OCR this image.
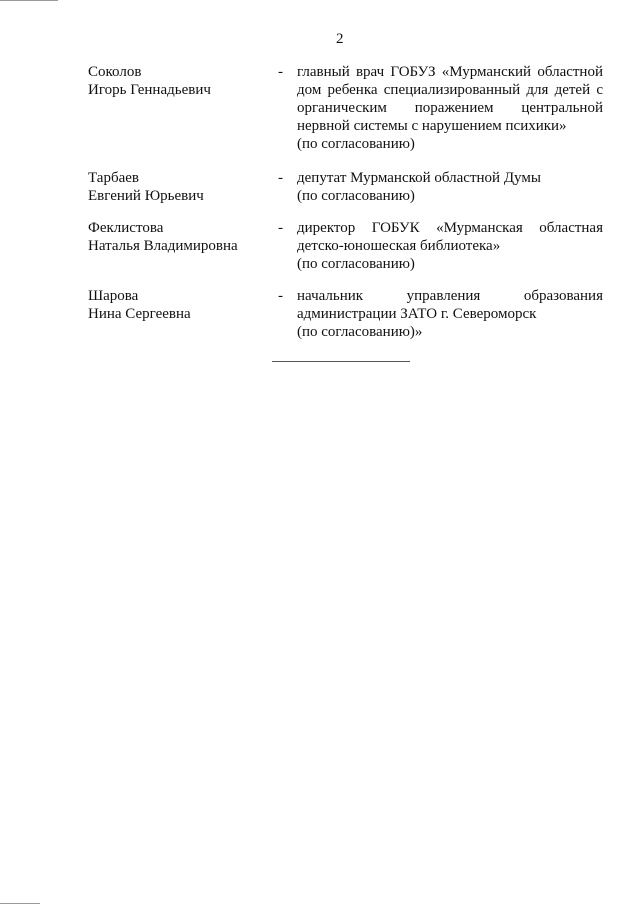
2
Соколов
Игорь Геннадьевич
- главный врач ГОБУЗ «Мурманский областной
дом ребенка специализированный для детей с
органическим поражением центральной
нервной системы с нарушением психики»
(по согласованию)
Тарбаев
Евгений Юрьевич
- депутат Мурманской областной Думы
(по согласованию)
Феклистова
Наталья Владимировна
- директор ГОБУК «Мурманская областная
детско-юношеская библиотека»
(по согласованию)
Шарова
Нина Сергеевна
- начальник управления образования
администрации ЗАТО г. Североморск
(по согласованию)»
